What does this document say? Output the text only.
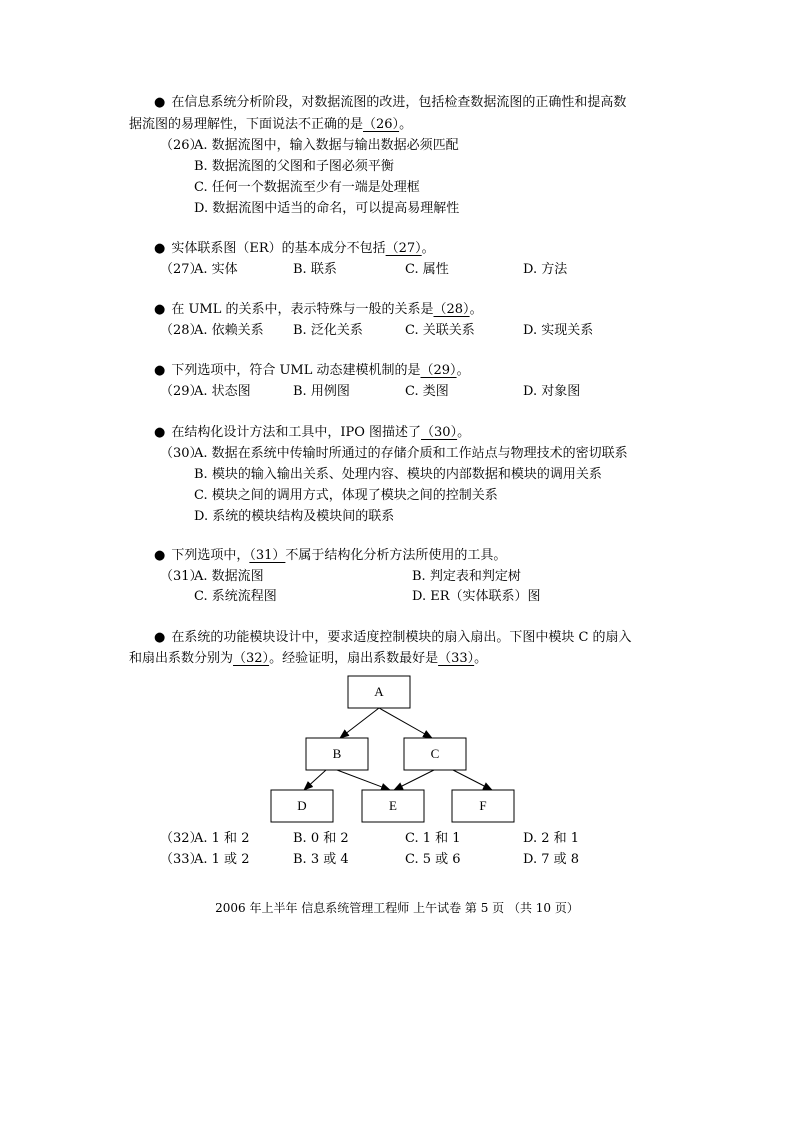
● 在信息系统分析阶段，对数据流图的改进，包括检查数据流图的正确性和提高数
据流图的易理解性，下面说法不正确的是（26）。
（26）
A. 数据流图中，输入数据与输出数据必须匹配
B. 数据流图的父图和子图必须平衡
C. 任何一个数据流至少有一端是处理框
D. 数据流图中适当的命名，可以提高易理解性
● 实体联系图（ER）的基本成分不包括（27）。
（27）
A. 实体	B. 联系	C. 属性	D. 方法
● 在 UML 的关系中，表示特殊与一般的关系是（28）。
（28）
A. 依赖关系 B. 泛化关系	C. 关联关系	D. 实现关系
● 下列选项中，符合 UML 动态建模机制的是（29）。
（29）
A. 状态图	B. 用例图	C. 类图	D. 对象图
● 在结构化设计方法和工具中，IPO 图描述了（30）。
（30）
A. 数据在系统中传输时所通过的存储介质和工作站点与物理技术的密切联系
B. 模块的输入输出关系、处理内容、模块的内部数据和模块的调用关系
C. 模块之间的调用方式，体现了模块之间的控制关系
D. 系统的模块结构及模块间的联系
● 下列选项中，（31）不属于结构化分析方法所使用的工具。
（31）
A. 数据流图	B. 判定表和判定树
C. 系统流程图	D. ER（实体联系）图
● 在系统的功能模块设计中，要求适度控制模块的扇入扇出。下图中模块 C 的扇入
和扇出系数分别为（32）。经验证明，扇出系数最好是（33）。
A
B	C
D	E	F
（32）
A. 1 和 2	B. 0 和 2	C. 1 和 1	D. 2 和 1
（33）
A. 1 或 2	B. 3 或 4	C. 5 或 6	D. 7 或 8
2006 年上半年 信息系统管理工程师 上午试卷 第 5 页 （共 10 页）
